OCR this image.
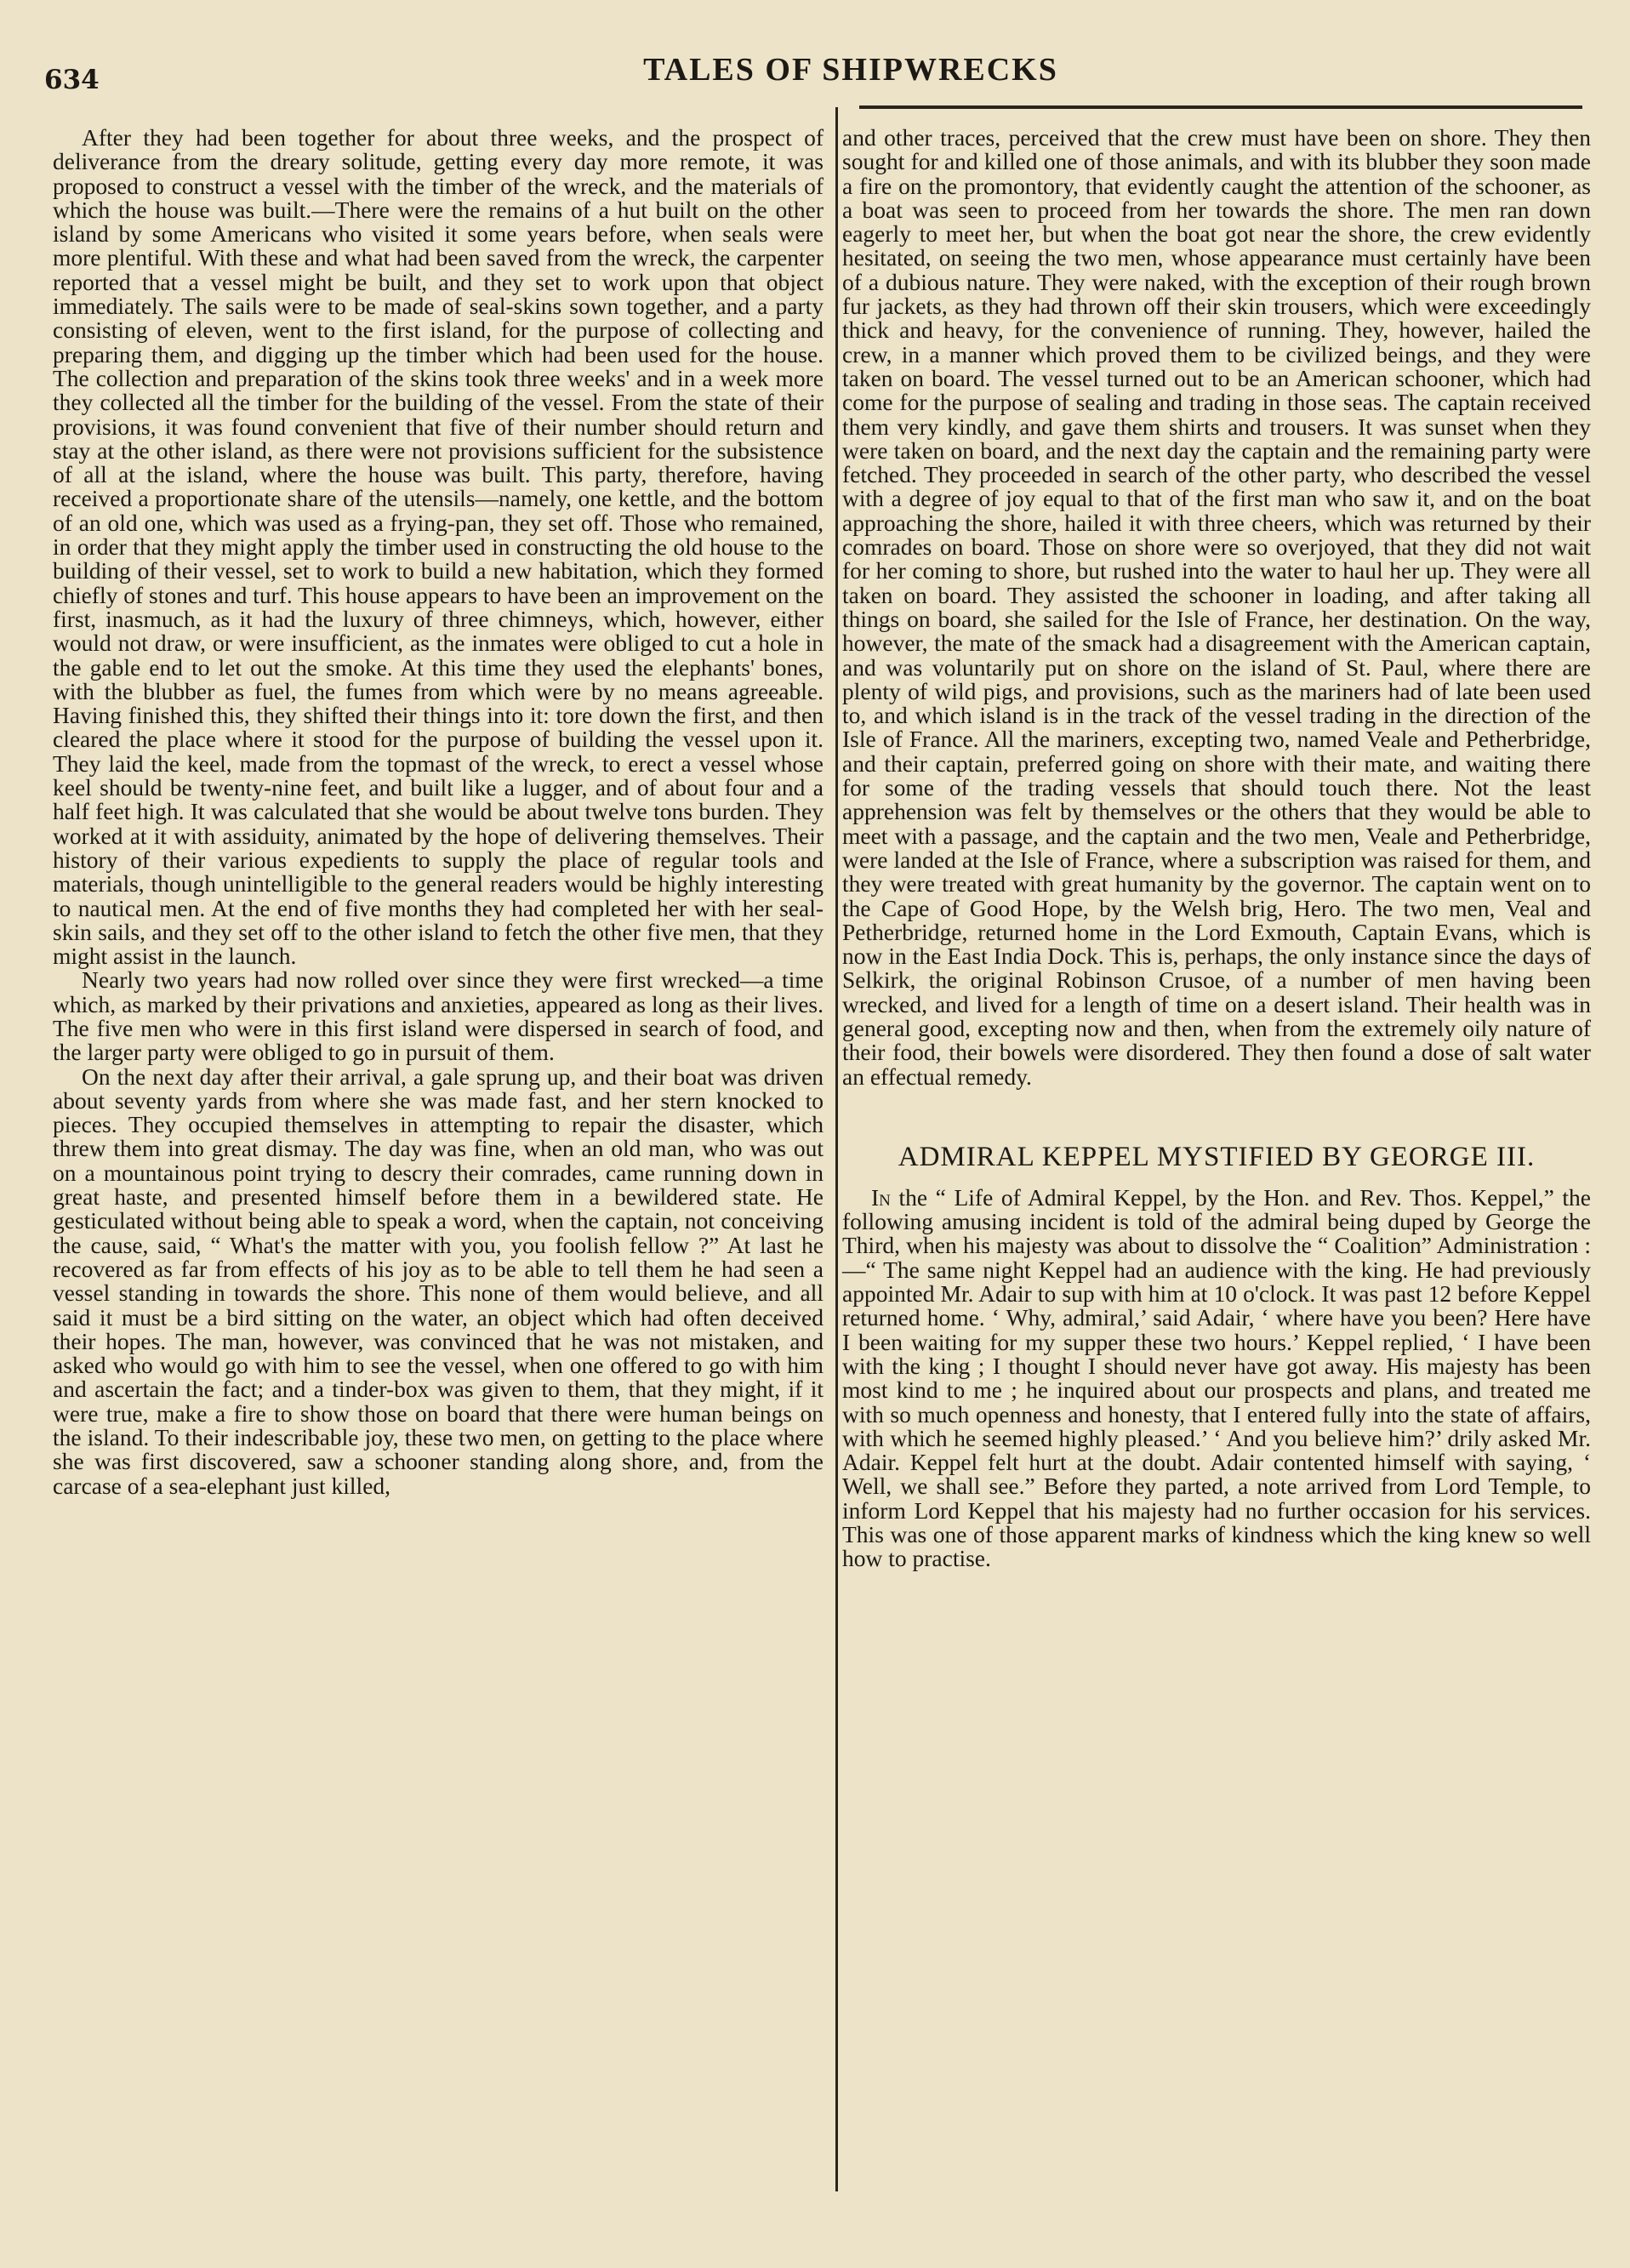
634	TALES OF SHIPWRECKS

After they had been together for about three weeks, and the prospect of deliverance from the dreary solitude, getting every day more remote, it was proposed to construct a vessel with the timber of the wreck, and the materials of which the house was built.—There were the remains of a hut built on the other island by some Americans who visited it some years before, when seals were more plentiful. With these and what had been saved from the wreck, the carpenter reported that a vessel might be built, and they set to work upon that object immediately. The sails were to be made of seal-skins sown together, and a party consisting of eleven, went to the first island, for the purpose of collecting and preparing them, and digging up the timber which had been used for the house. The collection and preparation of the skins took three weeks' and in a week more they collected all the timber for the building of the vessel. From the state of their provisions, it was found convenient that five of their number should return and stay at the other island, as there were not provisions sufficient for the subsistence of all at the island, where the house was built. This party, therefore, having received a proportionate share of the utensils—namely, one kettle, and the bottom of an old one, which was used as a frying-pan, they set off. Those who remained, in order that they might apply the timber used in constructing the old house to the building of their vessel, set to work to build a new habitation, which they formed chiefly of stones and turf. This house appears to have been an improvement on the first, inasmuch, as it had the luxury of three chimneys, which, however, either would not draw, or were insufficient, as the inmates were obliged to cut a hole in the gable end to let out the smoke. At this time they used the elephants' bones, with the blubber as fuel, the fumes from which were by no means agreeable. Having finished this, they shifted their things into it: tore down the first, and then cleared the place where it stood for the purpose of building the vessel upon it. They laid the keel, made from the topmast of the wreck, to erect a vessel whose keel should be twenty-nine feet, and built like a lugger, and of about four and a half feet high. It was calculated that she would be about twelve tons burden. They worked at it with assiduity, animated by the hope of delivering themselves. Their history of their various expedients to supply the place of regular tools and materials, though unintelligible to the general readers would be highly interesting to nautical men. At the end of five months they had completed her with her seal-skin sails, and they set off to the other island to fetch the other five men, that they might assist in the launch.

Nearly two years had now rolled over since they were first wrecked—a time which, as marked by their privations and anxieties, appeared as long as their lives. The five men who were in this first island were dispersed in search of food, and the larger party were obliged to go in pursuit of them.

On the next day after their arrival, a gale sprung up, and their boat was driven about seventy yards from where she was made fast, and her stern knocked to pieces. They occupied themselves in attempting to repair the disaster, which threw them into great dismay. The day was fine, when an old man, who was out on a mountainous point trying to descry their comrades, came running down in great haste, and presented himself before them in a bewildered state. He gesticulated without being able to speak a word, when the captain, not conceiving the cause, said, “ What's the matter with you, you foolish fellow ?” At last he recovered as far from effects of his joy as to be able to tell them he had seen a vessel standing in towards the shore. This none of them would believe, and all said it must be a bird sitting on the water, an object which had often deceived their hopes. The man, however, was convinced that he was not mistaken, and asked who would go with him to see the vessel, when one offered to go with him and ascertain the fact; and a tinder-box was given to them, that they might, if it were true, make a fire to show those on board that there were human beings on the island. To their indescribable joy, these two men, on getting to the place where she was first discovered, saw a schooner standing along shore, and, from the carcase of a sea-elephant just killed,

and other traces, perceived that the crew must have been on shore. They then sought for and killed one of those animals, and with its blubber they soon made a fire on the promontory, that evidently caught the attention of the schooner, as a boat was seen to proceed from her towards the shore. The men ran down eagerly to meet her, but when the boat got near the shore, the crew evidently hesitated, on seeing the two men, whose appearance must certainly have been of a dubious nature. They were naked, with the exception of their rough brown fur jackets, as they had thrown off their skin trousers, which were exceedingly thick and heavy, for the convenience of running. They, however, hailed the crew, in a manner which proved them to be civilized beings, and they were taken on board. The vessel turned out to be an American schooner, which had come for the purpose of sealing and trading in those seas. The captain received them very kindly, and gave them shirts and trousers. It was sunset when they were taken on board, and the next day the captain and the remaining party were fetched. They proceeded in search of the other party, who described the vessel with a degree of joy equal to that of the first man who saw it, and on the boat approaching the shore, hailed it with three cheers, which was returned by their comrades on board. Those on shore were so overjoyed, that they did not wait for her coming to shore, but rushed into the water to haul her up. They were all taken on board. They assisted the schooner in loading, and after taking all things on board, she sailed for the Isle of France, her destination. On the way, however, the mate of the smack had a disagreement with the American captain, and was voluntarily put on shore on the island of St. Paul, where there are plenty of wild pigs, and provisions, such as the mariners had of late been used to, and which island is in the track of the vessel trading in the direction of the Isle of France. All the mariners, excepting two, named Veale and Petherbridge, and their captain, preferred going on shore with their mate, and waiting there for some of the trading vessels that should touch there. Not the least apprehension was felt by themselves or the others that they would be able to meet with a passage, and the captain and the two men, Veale and Petherbridge, were landed at the Isle of France, where a subscription was raised for them, and they were treated with great humanity by the governor. The captain went on to the Cape of Good Hope, by the Welsh brig, Hero. The two men, Veal and Petherbridge, returned home in the Lord Exmouth, Captain Evans, which is now in the East India Dock. This is, perhaps, the only instance since the days of Selkirk, the original Robinson Crusoe, of a number of men having been wrecked, and lived for a length of time on a desert island. Their health was in general good, excepting now and then, when from the extremely oily nature of their food, their bowels were disordered. They then found a dose of salt water an effectual remedy.

ADMIRAL KEPPEL MYSTIFIED BY GEORGE III.

In the “ Life of Admiral Keppel, by the Hon. and Rev. Thos. Keppel,” the following amusing incident is told of the admiral being duped by George the Third, when his majesty was about to dissolve the “ Coalition” Administration :—“ The same night Keppel had an audience with the king. He had previously appointed Mr. Adair to sup with him at 10 o'clock. It was past 12 before Keppel returned home. ‘ Why, admiral,’ said Adair, ‘ where have you been? Here have I been waiting for my supper these two hours.’ Keppel replied, ‘ I have been with the king ; I thought I should never have got away. His majesty has been most kind to me ; he inquired about our prospects and plans, and treated me with so much openness and honesty, that I entered fully into the state of affairs, with which he seemed highly pleased.’ ‘ And you believe him?’ drily asked Mr. Adair. Keppel felt hurt at the doubt. Adair contented himself with saying, ‘ Well, we shall see.” Before they parted, a note arrived from Lord Temple, to inform Lord Keppel that his majesty had no further occasion for his services. This was one of those apparent marks of kindness which the king knew so well how to practise.
